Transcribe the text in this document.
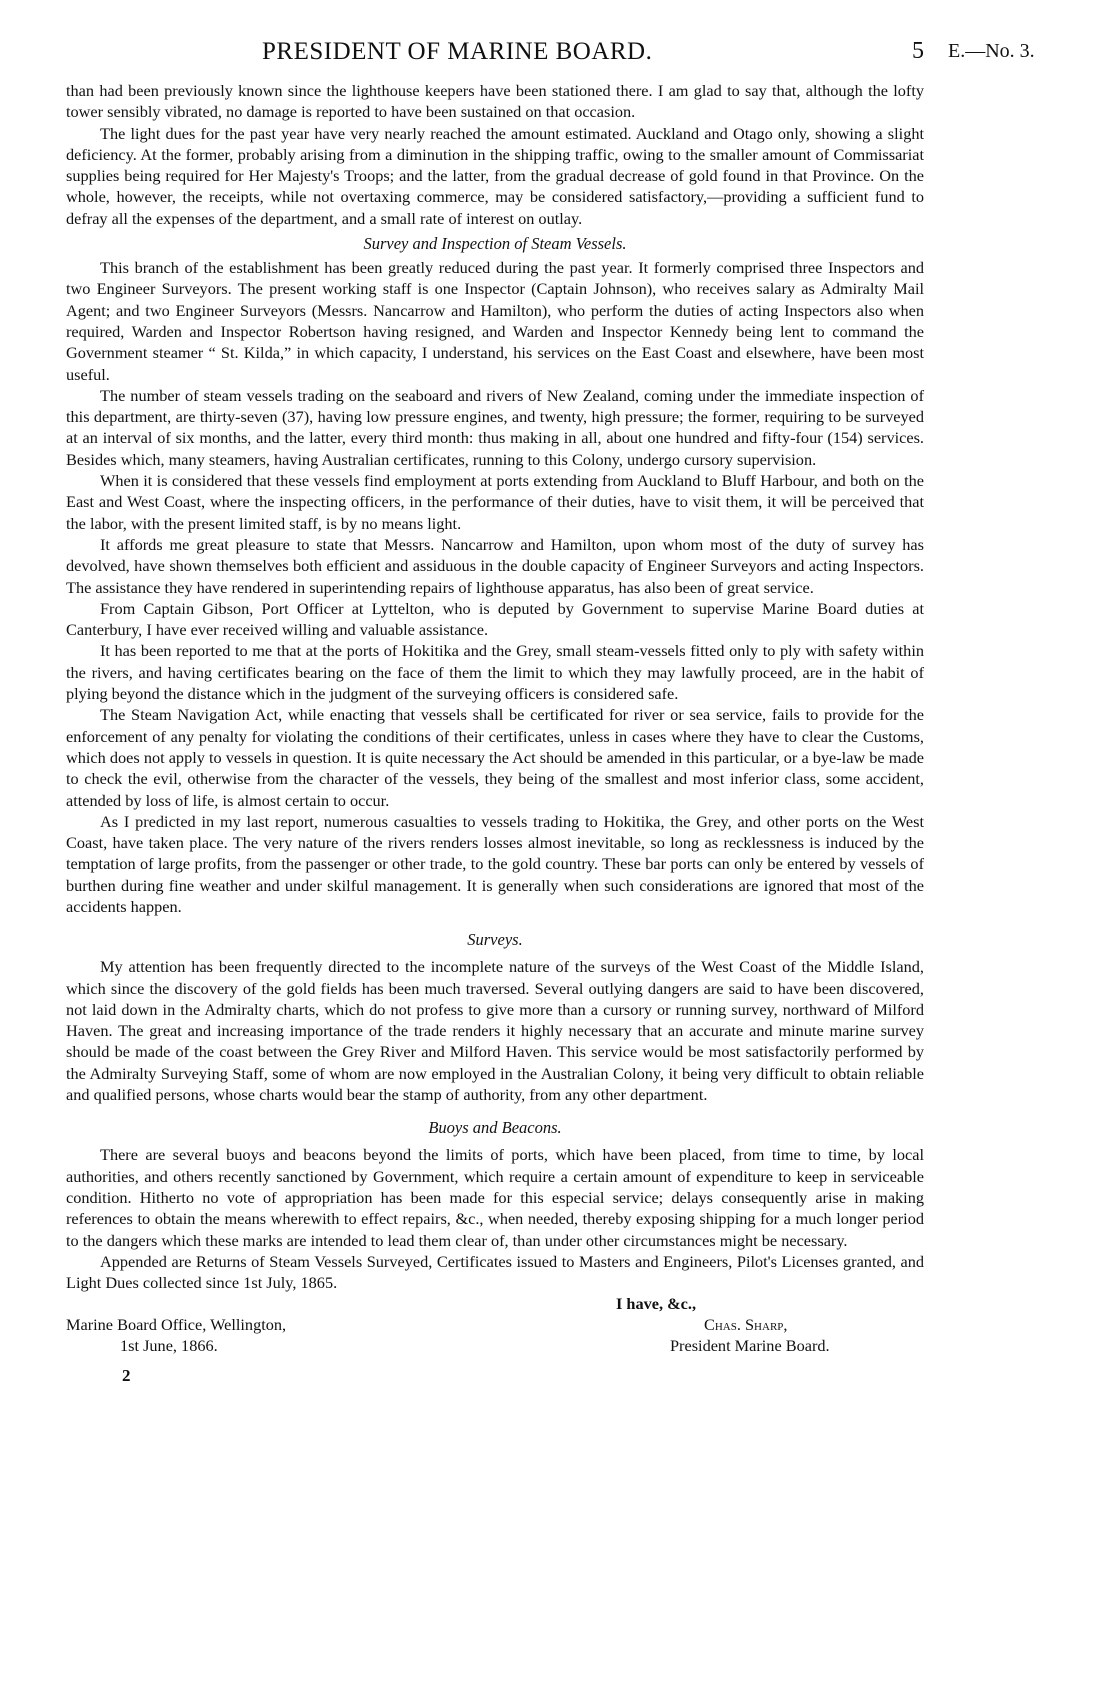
PRESIDENT OF MARINE BOARD.	5 E.—No. 3.

than had been previously known since the lighthouse keepers have been stationed there. I am glad to say that, although the lofty tower sensibly vibrated, no damage is reported to have been sustained on that occasion.

The light dues for the past year have very nearly reached the amount estimated. Auckland and Otago only, showing a slight deficiency. At the former, probably arising from a diminution in the shipping traffic, owing to the smaller amount of Commissariat supplies being required for Her Majesty's Troops; and the latter, from the gradual decrease of gold found in that Province. On the whole, however, the receipts, while not overtaxing commerce, may be considered satisfactory,—providing a sufficient fund to defray all the expenses of the department, and a small rate of interest on outlay.

Survey and Inspection of Steam Vessels.

This branch of the establishment has been greatly reduced during the past year. It formerly comprised three Inspectors and two Engineer Surveyors. The present working staff is one Inspector (Captain Johnson), who receives salary as Admiralty Mail Agent; and two Engineer Surveyors (Messrs. Nancarrow and Hamilton), who perform the duties of acting Inspectors also when required, Warden and Inspector Robertson having resigned, and Warden and Inspector Kennedy being lent to command the Government steamer “ St. Kilda,” in which capacity, I understand, his services on the East Coast and elsewhere, have been most useful.

The number of steam vessels trading on the seaboard and rivers of New Zealand, coming under the immediate inspection of this department, are thirty-seven (37), having low pressure engines, and twenty, high pressure; the former, requiring to be surveyed at an interval of six months, and the latter, every third month: thus making in all, about one hundred and fifty-four (154) services. Besides which, many steamers, having Australian certificates, running to this Colony, undergo cursory supervision.

When it is considered that these vessels find employment at ports extending from Auckland to Bluff Harbour, and both on the East and West Coast, where the inspecting officers, in the performance of their duties, have to visit them, it will be perceived that the labor, with the present limited staff, is by no means light.

It affords me great pleasure to state that Messrs. Nancarrow and Hamilton, upon whom most of the duty of survey has devolved, have shown themselves both efficient and assiduous in the double capacity of Engineer Surveyors and acting Inspectors. The assistance they have rendered in superintending repairs of lighthouse apparatus, has also been of great service.

From Captain Gibson, Port Officer at Lyttelton, who is deputed by Government to supervise Marine Board duties at Canterbury, I have ever received willing and valuable assistance.

It has been reported to me that at the ports of Hokitika and the Grey, small steam-vessels fitted only to ply with safety within the rivers, and having certificates bearing on the face of them the limit to which they may lawfully proceed, are in the habit of plying beyond the distance which in the judgment of the surveying officers is considered safe.

The Steam Navigation Act, while enacting that vessels shall be certificated for river or sea service, fails to provide for the enforcement of any penalty for violating the conditions of their certificates, unless in cases where they have to clear the Customs, which does not apply to vessels in question. It is quite necessary the Act should be amended in this particular, or a bye-law be made to check the evil, otherwise from the character of the vessels, they being of the smallest and most inferior class, some accident, attended by loss of life, is almost certain to occur.

As I predicted in my last report, numerous casualties to vessels trading to Hokitika, the Grey, and other ports on the West Coast, have taken place. The very nature of the rivers renders losses almost inevitable, so long as recklessness is induced by the temptation of large profits, from the passenger or other trade, to the gold country. These bar ports can only be entered by vessels of burthen during fine weather and under skilful management. It is generally when such considerations are ignored that most of the accidents happen.

Surveys.

My attention has been frequently directed to the incomplete nature of the surveys of the West Coast of the Middle Island, which since the discovery of the gold fields has been much traversed. Several outlying dangers are said to have been discovered, not laid down in the Admiralty charts, which do not profess to give more than a cursory or running survey, northward of Milford Haven. The great and increasing importance of the trade renders it highly necessary that an accurate and minute marine survey should be made of the coast between the Grey River and Milford Haven. This service would be most satisfactorily performed by the Admiralty Surveying Staff, some of whom are now employed in the Australian Colony, it being very difficult to obtain reliable and qualified persons, whose charts would bear the stamp of authority, from any other department.

Buoys and Beacons.

There are several buoys and beacons beyond the limits of ports, which have been placed, from time to time, by local authorities, and others recently sanctioned by Government, which require a certain amount of expenditure to keep in serviceable condition. Hitherto no vote of appropriation has been made for this especial service; delays consequently arise in making references to obtain the means wherewith to effect repairs, &c., when needed, thereby exposing shipping for a much longer period to the dangers which these marks are intended to lead them clear of, than under other circumstances might be necessary.

Appended are Returns of Steam Vessels Surveyed, Certificates issued to Masters and Engineers, Pilot's Licenses granted, and Light Dues collected since 1st July, 1865.

I have, &c.,
Chas. Sharp,
President Marine Board.
Marine Board Office, Wellington,
1st June, 1866.
2
